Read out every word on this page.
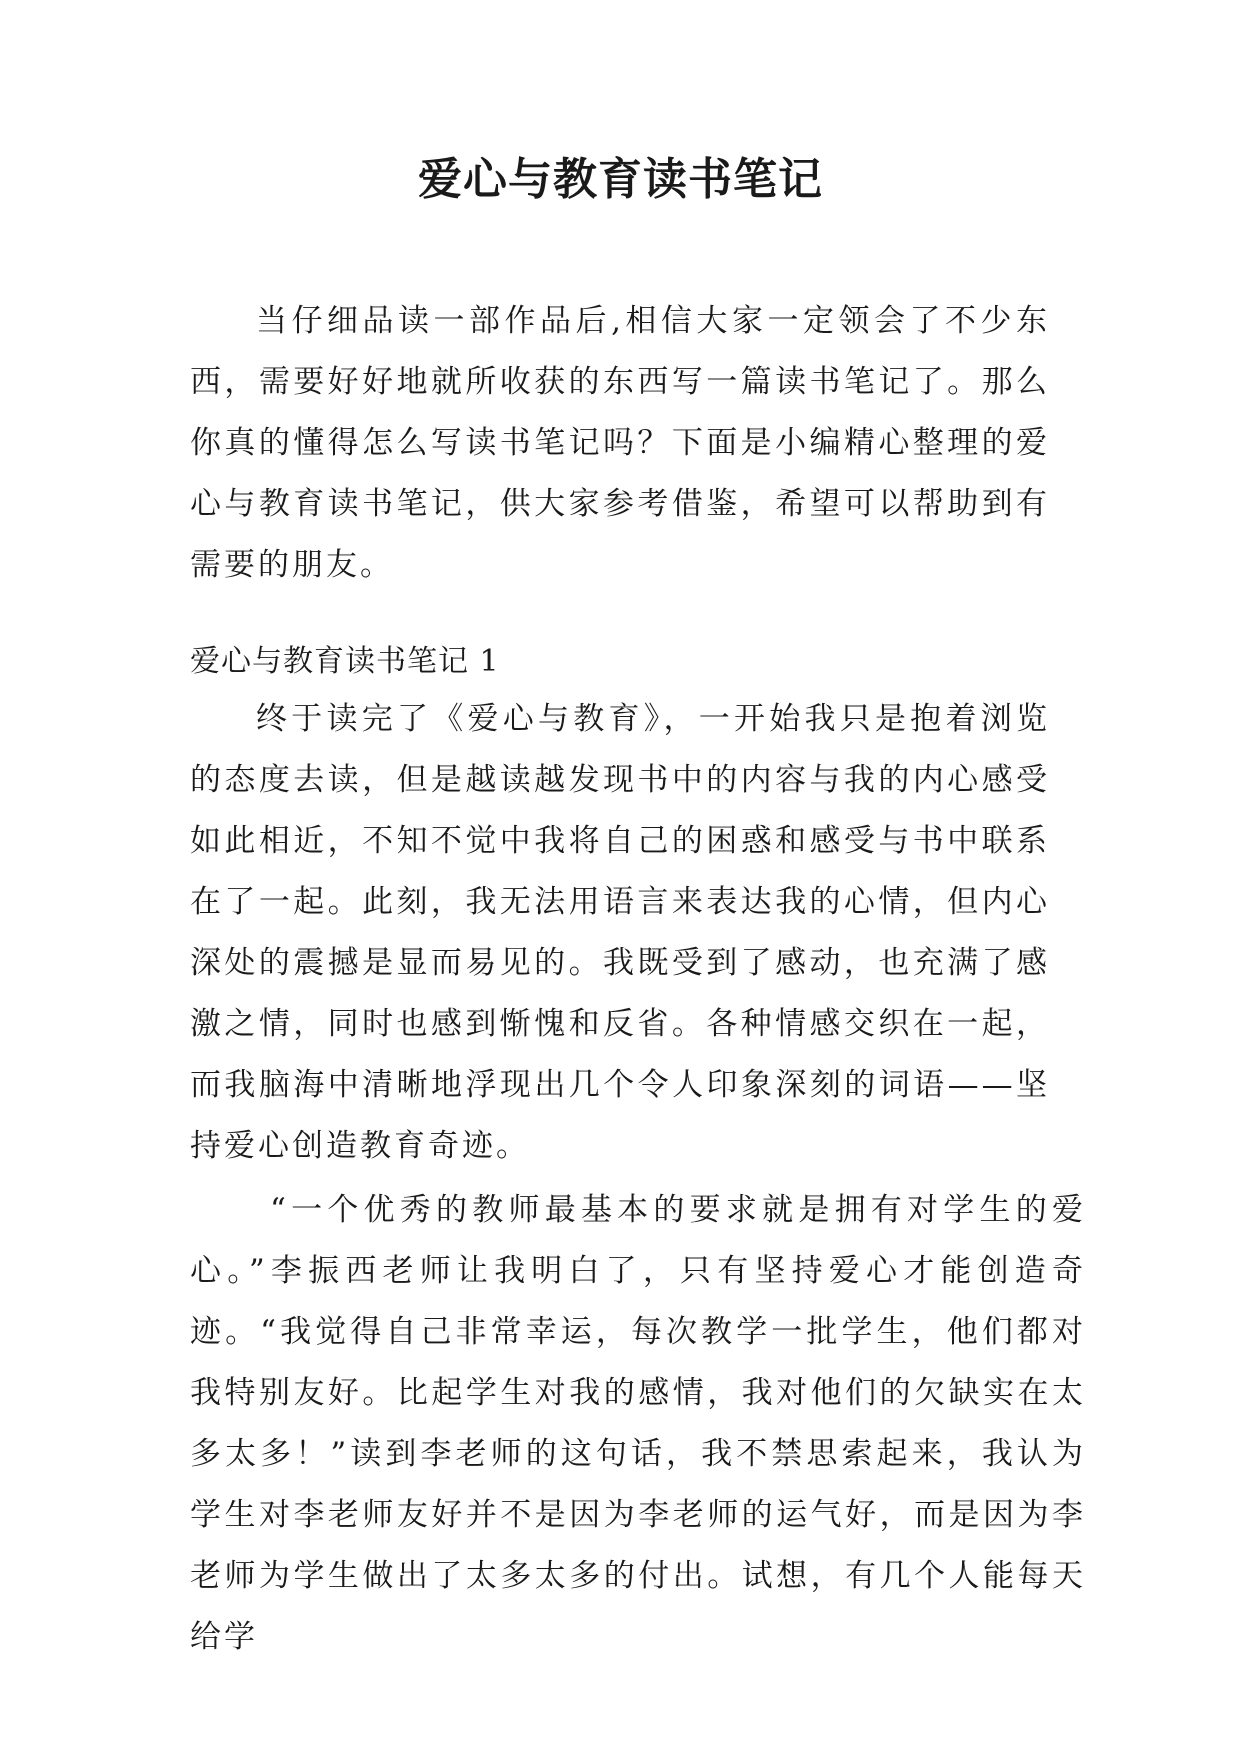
爱心与教育读书笔记

当仔细品读一部作品后,相信大家一定领会了不少东西，需要好好地就所收获的东西写一篇读书笔记了。那么你真的懂得怎么写读书笔记吗？下面是小编精心整理的爱心与教育读书笔记，供大家参考借鉴，希望可以帮助到有需要的朋友。

爱心与教育读书笔记 1

终于读完了《爱心与教育》，一开始我只是抱着浏览的态度去读，但是越读越发现书中的内容与我的内心感受如此相近，不知不觉中我将自己的困惑和感受与书中联系在了一起。此刻，我无法用语言来表达我的心情，但内心深处的震撼是显而易见的。我既受到了感动，也充满了感激之情，同时也感到惭愧和反省。各种情感交织在一起，而我脑海中清晰地浮现出几个令人印象深刻的词语——坚持爱心创造教育奇迹。

“一个优秀的教师最基本的要求就是拥有对学生的爱心。”李振西老师让我明白了，只有坚持爱心才能创造奇迹。“我觉得自己非常幸运，每次教学一批学生，他们都对我特别友好。比起学生对我的感情，我对他们的欠缺实在太多太多！”读到李老师的这句话，我不禁思索起来，我认为学生对李老师友好并不是因为李老师的运气好，而是因为李老师为学生做出了太多太多的付出。试想，有几个人能每天给学
